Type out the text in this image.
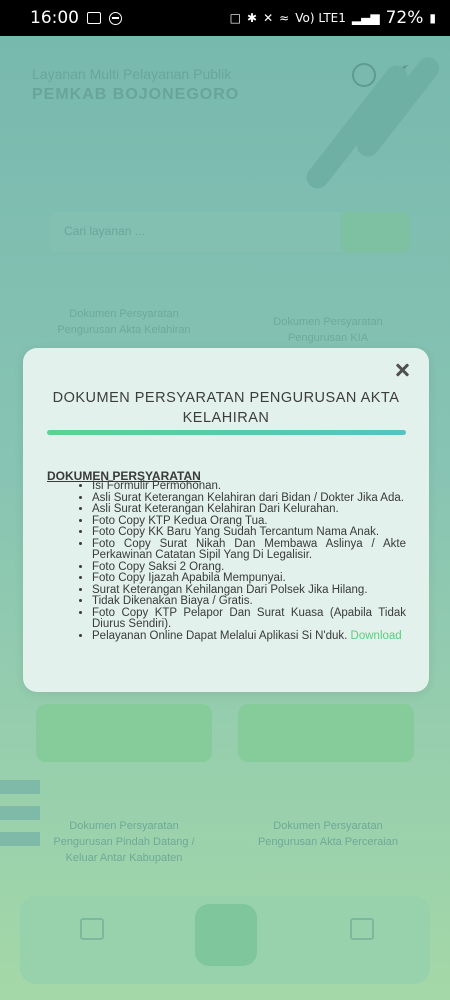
16:00	□ ✱ ✕ ≈ Vo) LTE1 ▂▄▆ 72% ▮
Layanan Multi Pelayanan Publik
PEMKAB BOJONEGORO
Cari layanan ...
Dokumen Persyaratan Pengurusan Akta Kelahiran
Dokumen Persyaratan Pengurusan KIA
Dokumen Persyaratan Pengurusan Pindah Datang / Keluar Antar Kabupaten
Dokumen Persyaratan Pengurusan Akta Perceraian
DOKUMEN PERSYARATAN PENGURUSAN AKTA KELAHIRAN
DOKUMEN PERSYARATAN
• Isi Formulir Permohonan.
• Asli Surat Keterangan Kelahiran dari Bidan / Dokter Jika Ada.
• Asli Surat Keterangan Kelahiran Dari Kelurahan.
• Foto Copy KTP Kedua Orang Tua.
• Foto Copy KK Baru Yang Sudah Tercantum Nama Anak.
• Foto Copy Surat Nikah Dan Membawa Aslinya / Akte Perkawinan Catatan Sipil Yang Di Legalisir.
• Foto Copy Saksi 2 Orang.
• Foto Copy Ijazah Apabila Mempunyai.
• Surat Keterangan Kehilangan Dari Polsek Jika Hilang.
• Tidak Dikenakan Biaya / Gratis.
• Foto Copy KTP Pelapor Dan Surat Kuasa (Apabila Tidak Diurus Sendiri).
• Pelayanan Online Dapat Melalui Aplikasi Si N'duk. Download
